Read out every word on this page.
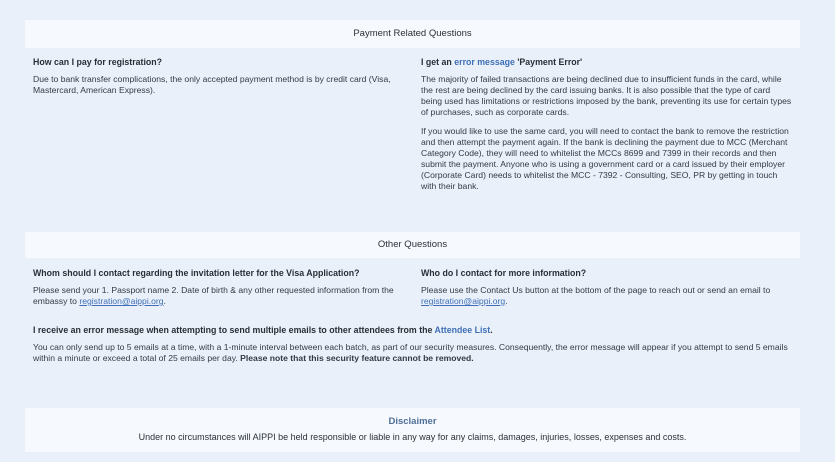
Payment Related Questions
How can I pay for registration?

Due to bank transfer complications, the only accepted payment method is by credit card (Visa, Mastercard, American Express).

I get an error message 'Payment Error'

The majority of failed transactions are being declined due to insufficient funds in the card, while the rest are being declined by the card issuing banks. It is also possible that the type of card being used has limitations or restrictions imposed by the bank, preventing its use for certain types of purchases, such as corporate cards.

If you would like to use the same card, you will need to contact the bank to remove the restriction and then attempt the payment again. If the bank is declining the payment due to MCC (Merchant Category Code), they will need to whitelist the MCCs 8699 and 7399 in their records and then submit the payment. Anyone who is using a government card or a card issued by their employer (Corporate Card) needs to whitelist the MCC - 7392 - Consulting, SEO, PR by getting in touch with their bank.

Other Questions
Whom should I contact regarding the invitation letter for the Visa Application?

Please send your 1. Passport name 2. Date of birth & any other requested information from the embassy to registration@aippi.org.

Who do I contact for more information?

Please use the Contact Us button at the bottom of the page to reach out or send an email to registration@aippi.org.

I receive an error message when attempting to send multiple emails to other attendees from the Attendee List.

You can only send up to 5 emails at a time, with a 1-minute interval between each batch, as part of our security measures. Consequently, the error message will appear if you attempt to send 5 emails within a minute or exceed a total of 25 emails per day. Please note that this security feature cannot be removed.

Disclaimer
Under no circumstances will AIPPI be held responsible or liable in any way for any claims, damages, injuries, losses, expenses and costs.
